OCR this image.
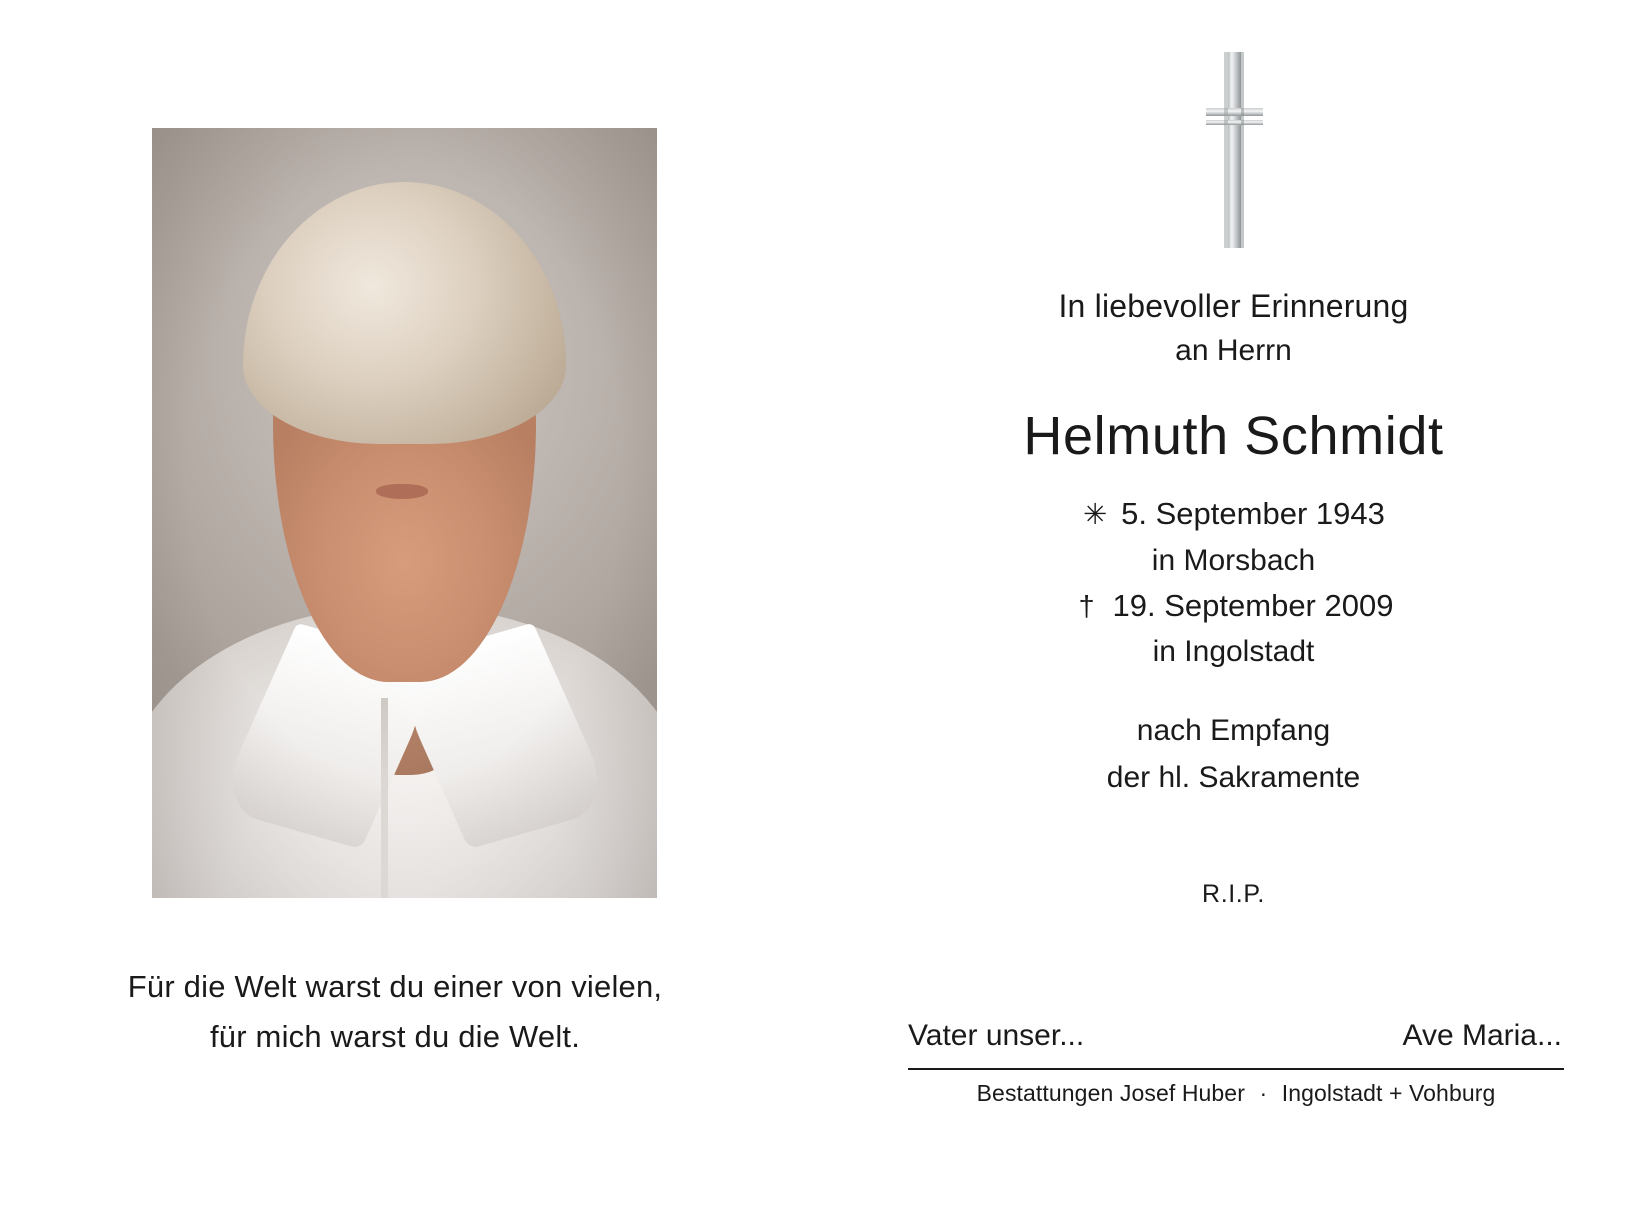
Für die Welt warst du einer von vielen,
für mich warst du die Welt.
In liebevoller Erinnerung
an Herrn
Helmuth Schmidt
✳ 5. September 1943
in Morsbach
† 19. September 2009
in Ingolstadt
nach Empfang
der hl. Sakramente
R.I.P.
Vater unser...	Ave Maria...
Bestattungen Josef Huber · Ingolstadt + Vohburg
